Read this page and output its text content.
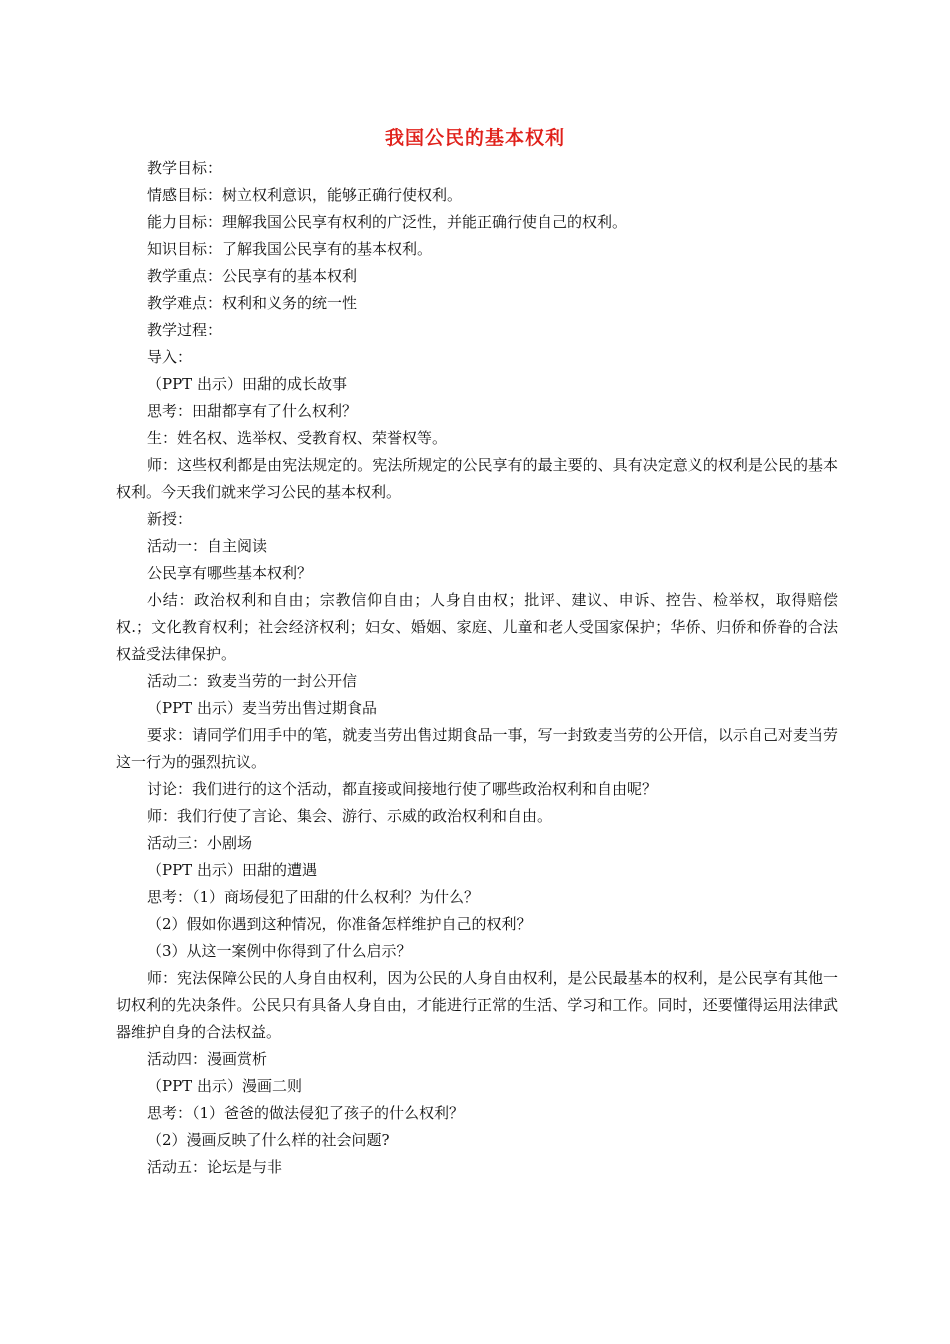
我国公民的基本权利

教学目标：

情感目标：树立权利意识，能够正确行使权利。

能力目标：理解我国公民享有权利的广泛性，并能正确行使自己的权利。

知识目标：了解我国公民享有的基本权利。

教学重点：公民享有的基本权利

教学难点：权利和义务的统一性

教学过程：

导入：

（PPT 出示）田甜的成长故事

思考：田甜都享有了什么权利？

生：姓名权、选举权、受教育权、荣誉权等。

师：这些权利都是由宪法规定的。宪法所规定的公民享有的最主要的、具有决定意义的权利是公民的基本权利。今天我们就来学习公民的基本权利。

新授：

活动一：自主阅读

公民享有哪些基本权利？

小结：政治权利和自由；宗教信仰自由；人身自由权；批评、建议、申诉、控告、检举权，取得赔偿权.；文化教育权利；社会经济权利；妇女、婚姻、家庭、儿童和老人受国家保护；华侨、归侨和侨眷的合法权益受法律保护。

活动二：致麦当劳的一封公开信

（PPT 出示）麦当劳出售过期食品

要求：请同学们用手中的笔，就麦当劳出售过期食品一事，写一封致麦当劳的公开信，以示自己对麦当劳这一行为的强烈抗议。

讨论：我们进行的这个活动，都直接或间接地行使了哪些政治权利和自由呢？

师：我们行使了言论、集会、游行、示威的政治权利和自由。

活动三：小剧场

（PPT 出示）田甜的遭遇

思考：（1）商场侵犯了田甜的什么权利？为什么？

（2）假如你遇到这种情况，你准备怎样维护自己的权利？

（3）从这一案例中你得到了什么启示？

师：宪法保障公民的人身自由权利，因为公民的人身自由权利，是公民最基本的权利，是公民享有其他一切权利的先决条件。公民只有具备人身自由，才能进行正常的生活、学习和工作。同时，还要懂得运用法律武器维护自身的合法权益。

活动四：漫画赏析

（PPT 出示）漫画二则

思考：（1）爸爸的做法侵犯了孩子的什么权利？

（2）漫画反映了什么样的社会问题?

活动五：论坛是与非
